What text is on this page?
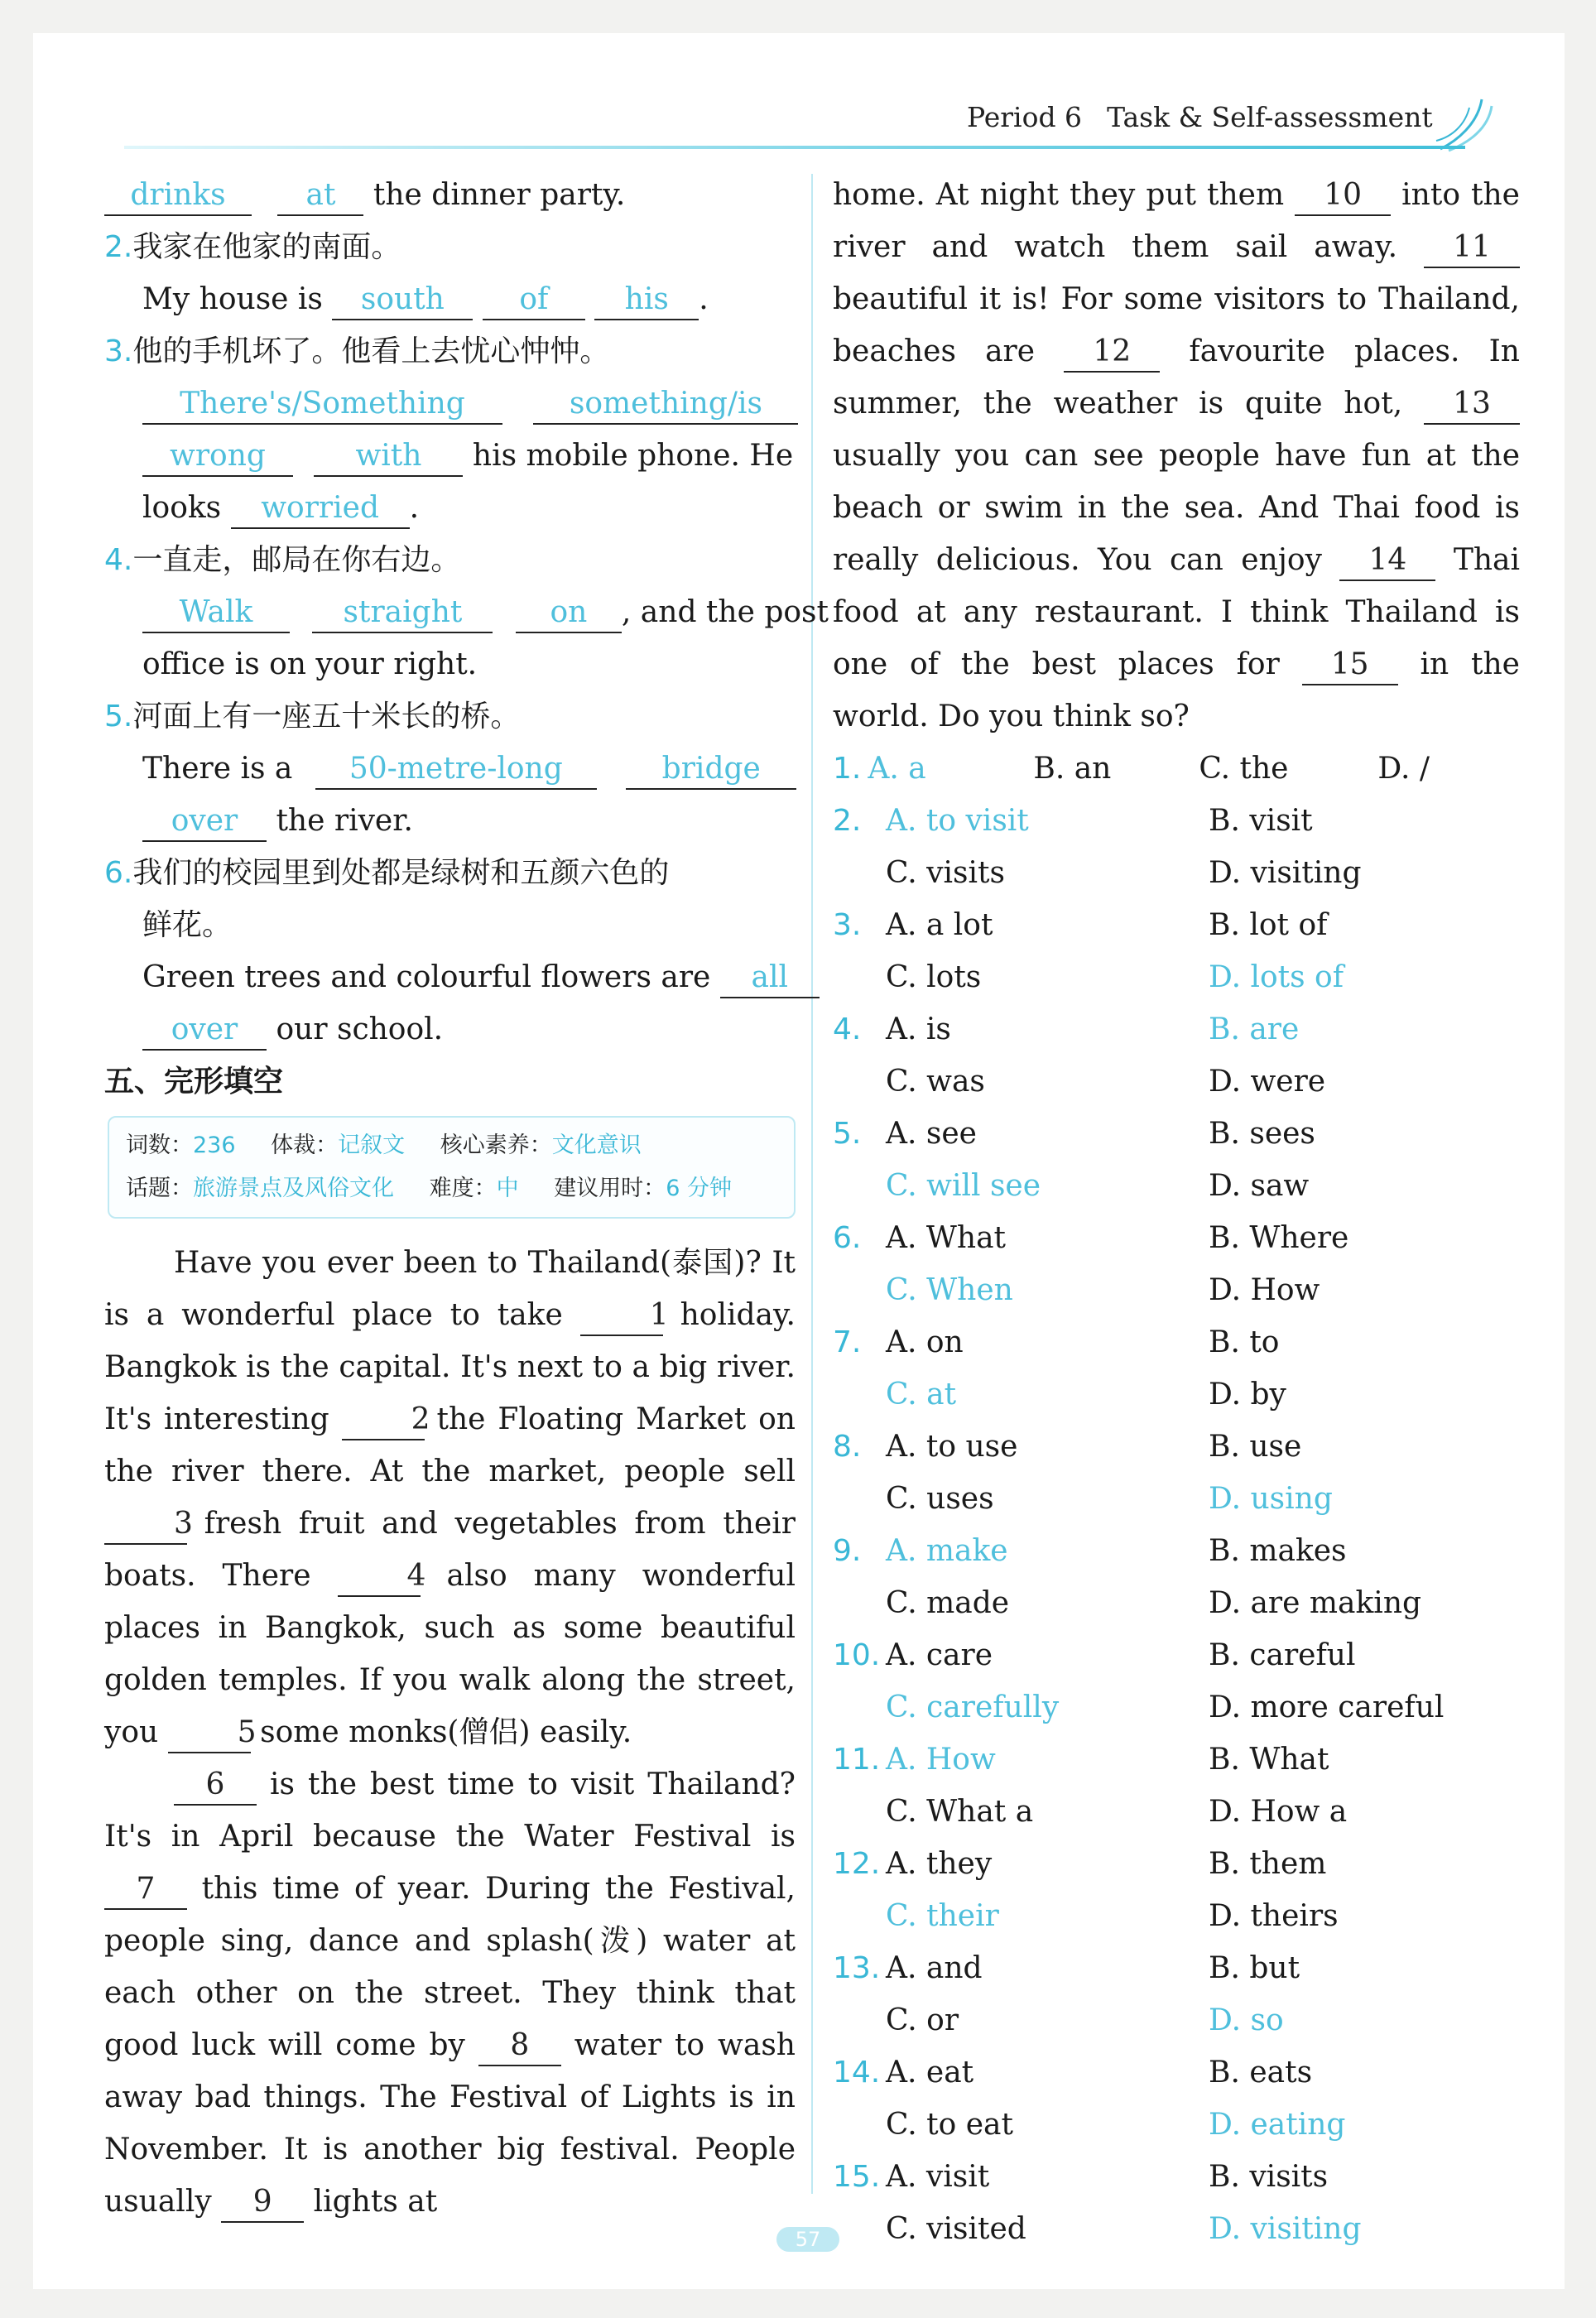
Period 6 Task & Self-assessment
drinks	at the dinner party.
2.我家在他家的南面。
My house is south	of	his .
3.他的手机坏了。他看上去忧心忡忡。
There's/Something	something/is
wrong	with his mobile phone. He
looks worried .
4.一直走，邮局在你右边。
Walk	straight	on , and the post
office is on your right.
5.河面上有一座五十米长的桥。
There is a 50-metre-long	bridge
over the river.
6.我们的校园里到处都是绿树和五颜六色的
鲜花。
Green trees and colourful flowers are all
over our school.
五、完形填空
词数：236 体裁：记叙文 核心素养：文化意识
话题：旅游景点及风俗文化 难度：中 建议用时：6 分钟
Have you ever been to Thailand(泰国)? It is a wonderful place to take	1 holiday. Bangkok is the capital. It's next to a big river. It's interesting	2 the Floating Market on the river there. At the market, people sell 3 fresh fruit and vegetables from their boats. There	4 also many wonderful places in Bangkok, such as some beautiful golden temples. If you walk along the street, you	5 some monks(僧侣) easily.
6 is the best time to visit Thailand? It's in April because the Water Festival is 7 this time of year. During the Festival, people sing, dance and splash(泼) water at each other on the street. They think that good luck will come by 8 water to wash away bad things. The Festival of Lights is in November. It is another big festival. People usually 9 lights at
home. At night they put them 10 into the river and watch them sail away. 11 beautiful it is! For some visitors to Thailand, beaches are 12 favourite places. In summer, the weather is quite hot, 13 usually you can see people have fun at the beach or swim in the sea. And Thai food is really delicious. You can enjoy 14 Thai food at any restaurant. I think Thailand is one of the best places for 15 in the world. Do you think so?
1. A. a	B. an	C. the	D. /
2. A. to visit	B. visit
C. visits	D. visiting
3. A. a lot	B. lot of
C. lots	D. lots of
4. A. is	B. are
C. was	D. were
5. A. see	B. sees
C. will see	D. saw
6. A. What	B. Where
C. When	D. How
7. A. on	B. to
C. at	D. by
8. A. to use	B. use
C. uses	D. using
9. A. make	B. makes
C. made	D. are making
10. A. care	B. careful
C. carefully	D. more careful
11. A. How	B. What
C. What a	D. How a
12. A. they	B. them
C. their	D. theirs
13. A. and	B. but
C. or	D. so
14. A. eat	B. eats
C. to eat	D. eating
15. A. visit	B. visits
C. visited	D. visiting
57
